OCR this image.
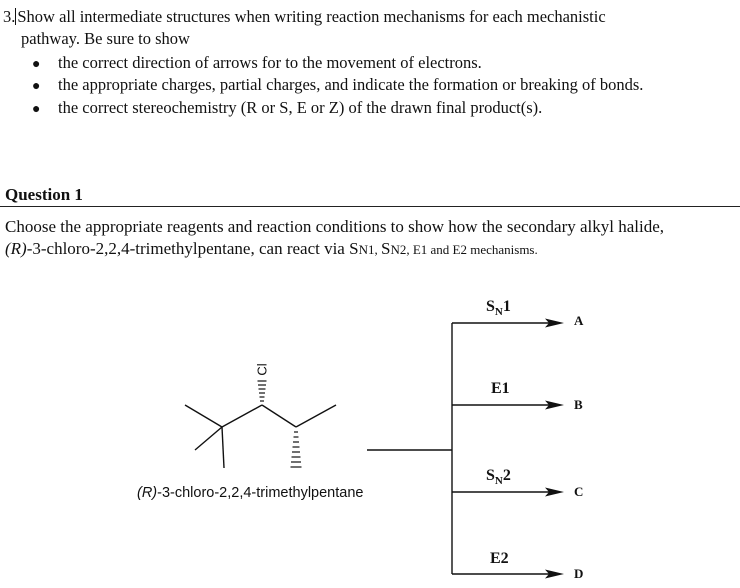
3. Show all intermediate structures when writing reaction mechanisms for each mechanistic
pathway. Be sure to show
● the correct direction of arrows for to the movement of electrons.
● the appropriate charges, partial charges, and indicate the formation or breaking of bonds.
● the correct stereochemistry (R or S, E or Z) of the drawn final product(s).
Question 1
Choose the appropriate reagents and reaction conditions to show how the secondary alkyl halide,
(R)-3-chloro-2,2,4-trimethylpentane, can react via SN1, SN2, E1 and E2 mechanisms.
Cl
(R)-3-chloro-2,2,4-trimethylpentane
$S_N1$
E1
$S_N2$
E2
A
B
C
D
